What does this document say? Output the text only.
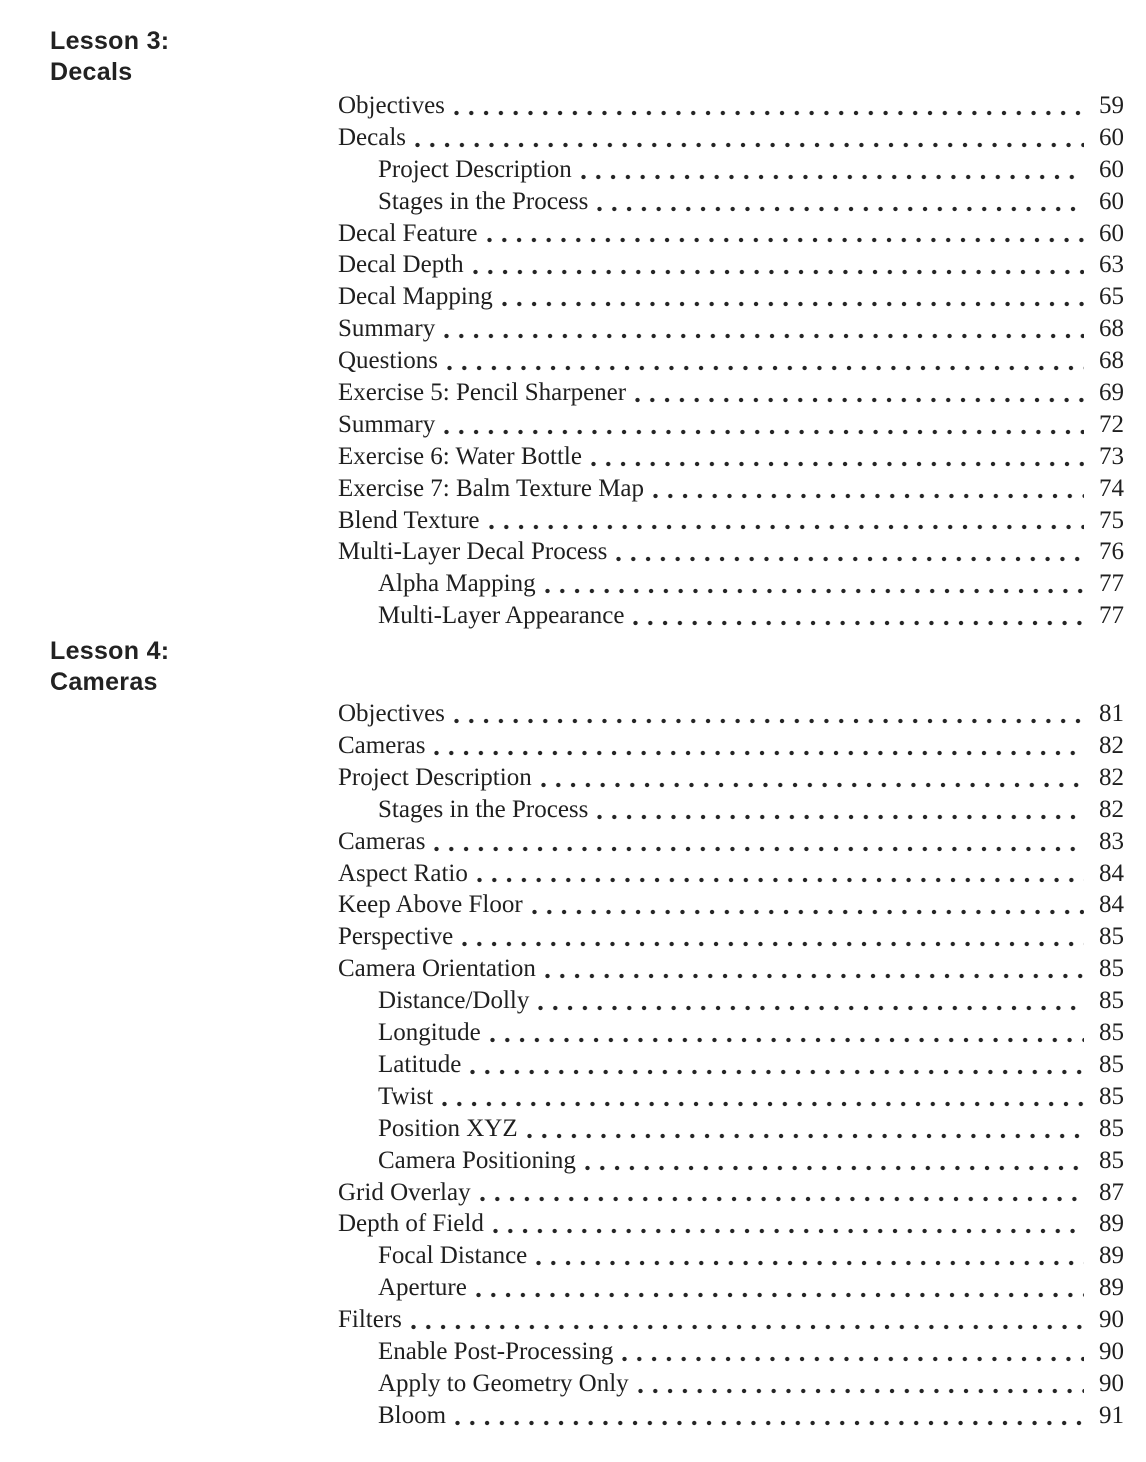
Lesson 3:
Decals
Objectives	59
Decals	60
Project Description	60
Stages in the Process	60
Decal Feature	60
Decal Depth	63
Decal Mapping	65
Summary	68
Questions	68
Exercise 5: Pencil Sharpener	69
Summary	72
Exercise 6: Water Bottle	73
Exercise 7: Balm Texture Map	74
Blend Texture	75
Multi-Layer Decal Process	76
Alpha Mapping	77
Multi-Layer Appearance	77
Lesson 4:
Cameras
Objectives	81
Cameras	82
Project Description	82
Stages in the Process	82
Cameras	83
Aspect Ratio	84
Keep Above Floor	84
Perspective	85
Camera Orientation	85
Distance/Dolly	85
Longitude	85
Latitude	85
Twist	85
Position XYZ	85
Camera Positioning	85
Grid Overlay	87
Depth of Field	89
Focal Distance	89
Aperture	89
Filters	90
Enable Post-Processing	90
Apply to Geometry Only	90
Bloom	91
